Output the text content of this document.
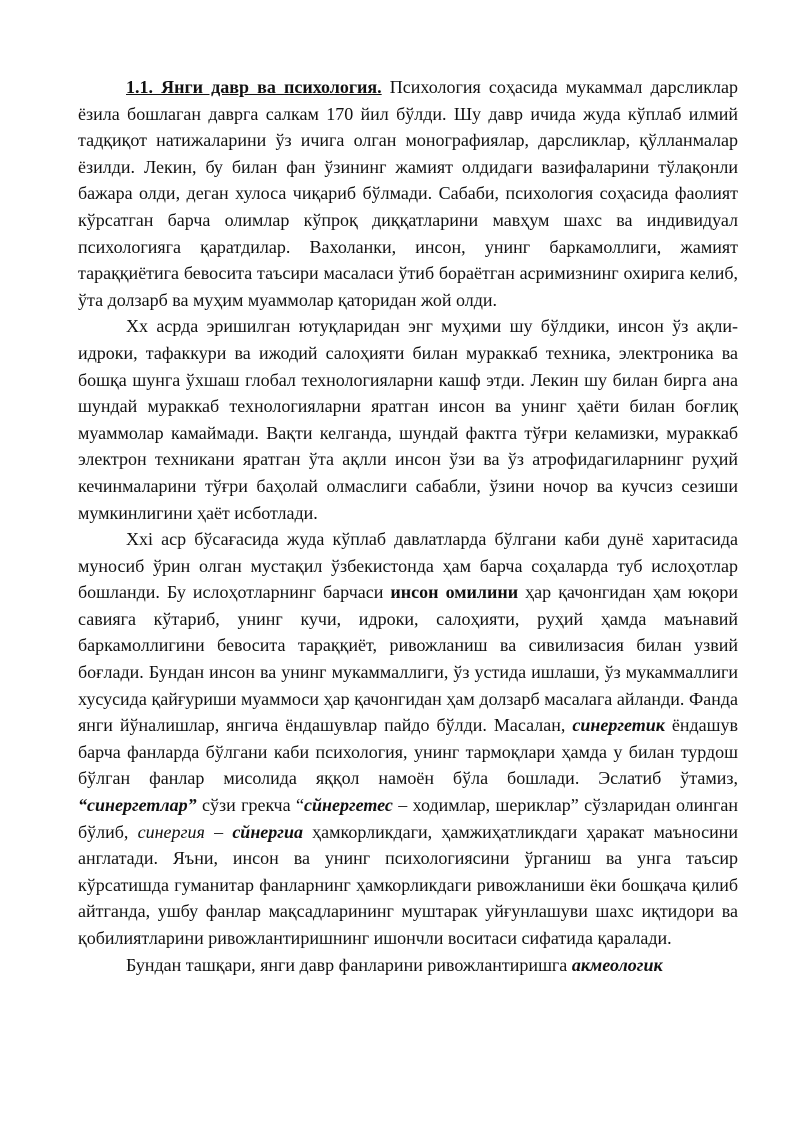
1.1. Янги давр ва психология. Психология соҳасида мукаммал дарсликлар ёзила бошлаган даврга салкам 170 йил бўлди. Шу давр ичида жуда кўплаб илмий тадқиқот натижаларини ўз ичига олган монографиялар, дарсликлар, қўлланмалар ёзилди. Лекин, бу билан фан ўзининг жамият олдидаги вазифаларини тўлақонли бажара олди, деган хулоса чиқариб бўлмади. Сабаби, психология соҳасида фаолият кўрсатган барча олимлар кўпроқ диққатларини мавҳум шахс ва индивидуал психологияга қаратдилар. Вахоланки, инсон, унинг баркамоллиги, жамият тараққиётига бевосита таъсири масаласи ўтиб бораётган асримизнинг охирига келиб, ўта долзарб ва муҳим муаммолар қаторидан жой олди.

Хх асрда эришилган ютуқларидан энг муҳими шу бўлдики, инсон ўз ақли-идроки, тафаккури ва ижодий салоҳияти билан мураккаб техника, электроника ва бошқа шунга ўхшаш глобал технологияларни кашф этди. Лекин шу билан бирга ана шундай мураккаб технологияларни яратган инсон ва унинг ҳаёти билан боғлиқ муаммолар камаймади. Вақти келганда, шундай фактга тўғри келамизки, мураккаб электрон техникани яратган ўта ақлли инсон ўзи ва ўз атрофидагиларнинг руҳий кечинмаларини тўғри баҳолай олмаслиги сабабли, ўзини ночор ва кучсиз сезиши мумкинлигини ҳаёт исботлади.

Ххі аср бўсағасида жуда кўплаб давлатларда бўлгани каби дунё харитасида муносиб ўрин олган мустақил ўзбекистонда ҳам барча соҳаларда туб ислоҳотлар бошланди. Бу ислоҳотларнинг барчаси инсон омилини ҳар қачонгидан ҳам юқори савияга кўтариб, унинг кучи, идроки, салоҳияти, руҳий ҳамда маънавий баркамоллигини бевосита тараққиёт, ривожланиш ва сивилизасия билан узвий боғлади. Бундан инсон ва унинг мукаммаллиги, ўз устида ишлаши, ўз мукаммаллиги хусусида қайғуриши муаммоси ҳар қачонгидан ҳам долзарб масалага айланди. Фанда янги йўналишлар, янгича ёндашувлар пайдо бўлди. Масалан, синергетик ёндашув барча фанларда бўлгани каби психология, унинг тармоқлари ҳамда у билан турдош бўлган фанлар мисолида яққол намоён бўла бошлади. Эслатиб ўтамиз, “синергетлар” сўзи грекча “сйнергетес – ходимлар, шериклар” сўзларидан олинган бўлиб, синергия – сйнергиа ҳамкорликдаги, ҳамжиҳатликдаги ҳаракат маъносини англатади. Яъни, инсон ва унинг психологиясини ўрганиш ва унга таъсир кўрсатишда гуманитар фанларнинг ҳамкорликдаги ривожланиши ёки бошқача қилиб айтганда, ушбу фанлар мақсадларининг муштарак уйғунлашуви шахс иқтидори ва қобилиятларини ривожлантиришнинг ишончли воситаси сифатида қаралади.

Бундан ташқари, янги давр фанларини ривожлантиришга акмеологик
